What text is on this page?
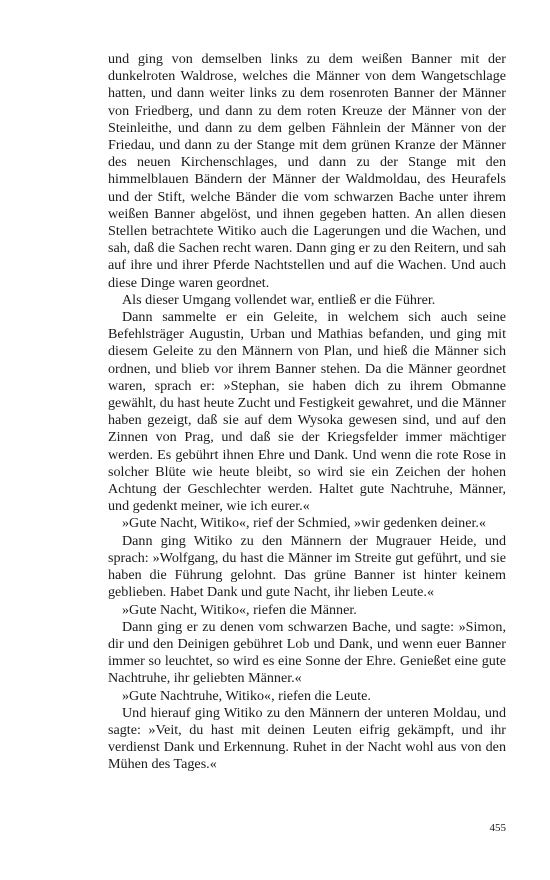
und ging von demselben links zu dem weißen Banner mit der dunkelroten Waldrose, welches die Männer von dem Wangetschlage hatten, und dann weiter links zu dem rosenroten Banner der Männer von Friedberg, und dann zu dem roten Kreuze der Männer von der Steinleithe, und dann zu dem gelben Fähnlein der Männer von der Friedau, und dann zu der Stange mit dem grünen Kranze der Männer des neuen Kirchenschlages, und dann zu der Stange mit den himmelblauen Bändern der Männer der Waldmoldau, des Heurafels und der Stift, welche Bänder die vom schwarzen Bache unter ihrem weißen Banner abgelöst, und ihnen gegeben hatten. An allen diesen Stellen betrachtete Witiko auch die Lagerungen und die Wachen, und sah, daß die Sachen recht waren. Dann ging er zu den Reitern, und sah auf ihre und ihrer Pferde Nachtstellen und auf die Wachen. Und auch diese Dinge waren geordnet.

Als dieser Umgang vollendet war, entließ er die Führer.

Dann sammelte er ein Geleite, in welchem sich auch seine Befehlsträger Augustin, Urban und Mathias befanden, und ging mit diesem Geleite zu den Männern von Plan, und hieß die Männer sich ordnen, und blieb vor ihrem Banner stehen. Da die Männer geordnet waren, sprach er: »Stephan, sie haben dich zu ihrem Obmanne gewählt, du hast heute Zucht und Festigkeit gewahret, und die Männer haben gezeigt, daß sie auf dem Wysoka gewesen sind, und auf den Zinnen von Prag, und daß sie der Kriegsfelder immer mächtiger werden. Es gebührt ihnen Ehre und Dank. Und wenn die rote Rose in solcher Blüte wie heute bleibt, so wird sie ein Zeichen der hohen Achtung der Geschlechter werden. Haltet gute Nachtruhe, Männer, und gedenkt meiner, wie ich eurer.«

»Gute Nacht, Witiko«, rief der Schmied, »wir gedenken deiner.«

Dann ging Witiko zu den Männern der Mugrauer Heide, und sprach: »Wolfgang, du hast die Männer im Streite gut geführt, und sie haben die Führung gelohnt. Das grüne Banner ist hinter keinem geblieben. Habet Dank und gute Nacht, ihr lieben Leute.«

»Gute Nacht, Witiko«, riefen die Männer.

Dann ging er zu denen vom schwarzen Bache, und sagte: »Simon, dir und den Deinigen gebühret Lob und Dank, und wenn euer Banner immer so leuchtet, so wird es eine Sonne der Ehre. Genießet eine gute Nachtruhe, ihr geliebten Männer.«

»Gute Nachtruhe, Witiko«, riefen die Leute.

Und hierauf ging Witiko zu den Männern der unteren Moldau, und sagte: »Veit, du hast mit deinen Leuten eifrig gekämpft, und ihr verdienst Dank und Erkennung. Ruhet in der Nacht wohl aus von den Mühen des Tages.«

455
